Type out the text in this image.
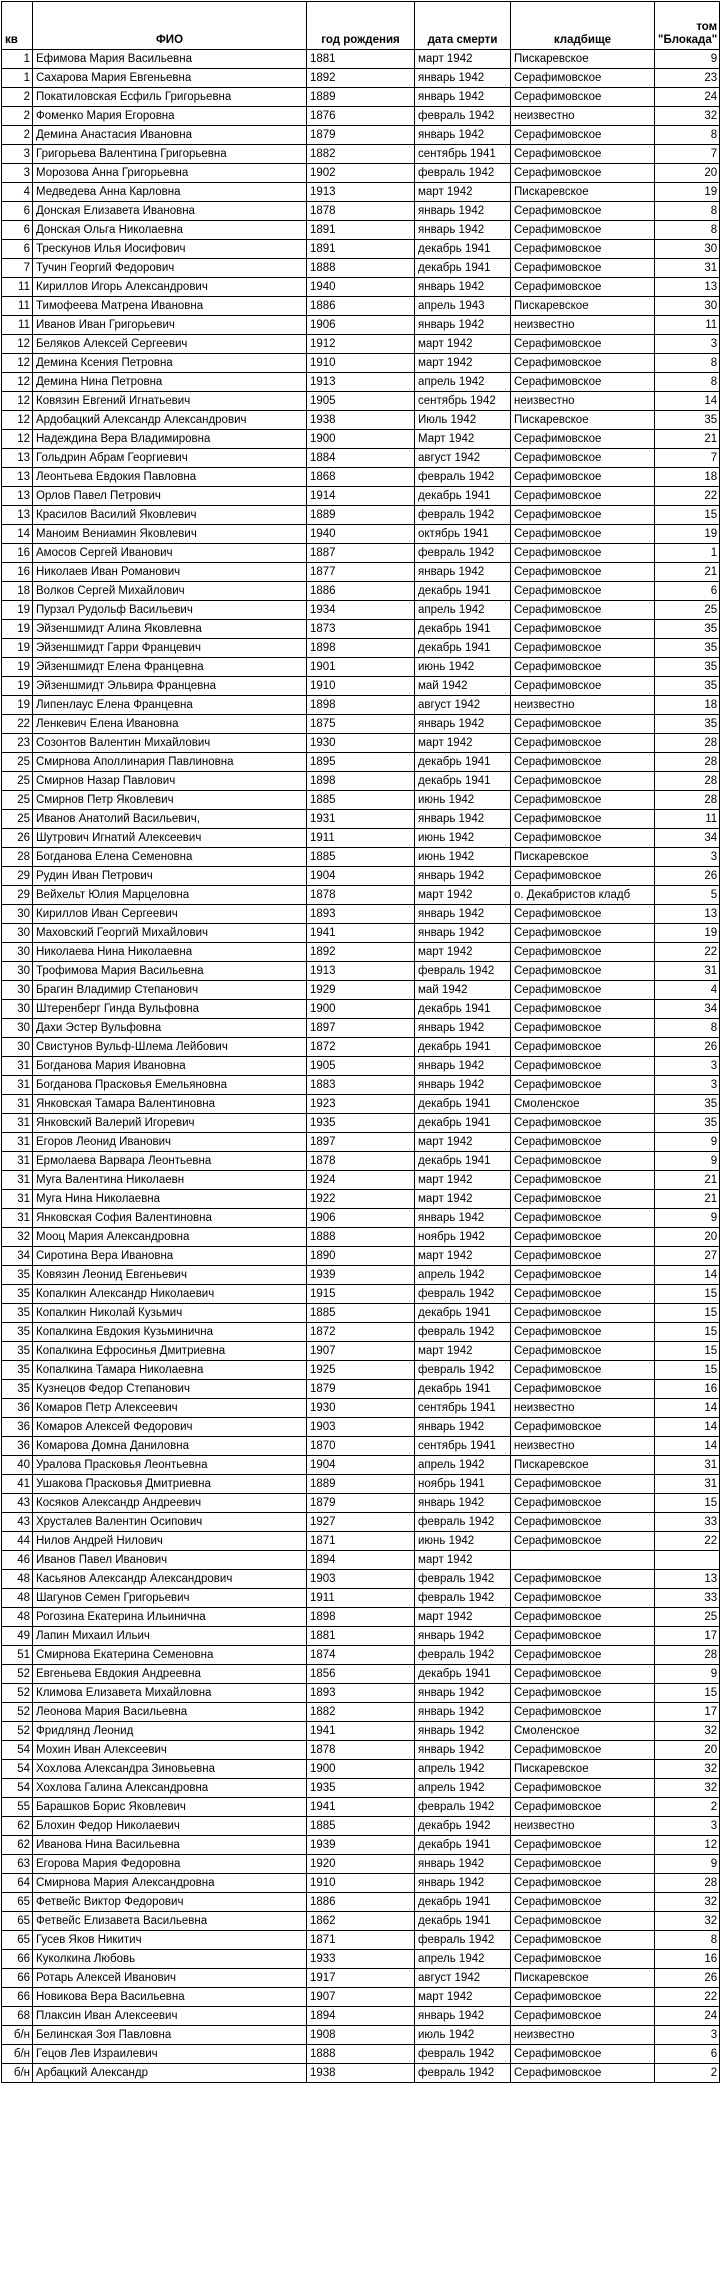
кв	ФИО	год рождения	дата смерти	кладбище	том "Блокада"
1	Ефимова Мария Васильевна	1881	март 1942	Пискаревское	9
1	Сахарова Мария Евгеньевна	1892	январь 1942	Серафимовское	23
2	Покатиловская Есфиль Григорьевна	1889	январь 1942	Серафимовское	24
2	Фоменко Мария Егоровна	1876	февраль 1942	неизвестно	32
2	Демина Анастасия Ивановна	1879	январь 1942	Серафимовское	8
3	Григорьева Валентина Григорьевна	1882	сентябрь 1941	Серафимовское	7
3	Морозова Анна Григорьевна	1902	февраль 1942	Серафимовское	20
4	Медведева Анна Карловна	1913	март 1942	Пискаревское	19
6	Донская Елизавета Ивановна	1878	январь 1942	Серафимовское	8
6	Донская Ольга Николаевна	1891	январь 1942	Серафимовское	8
6	Трескунов Илья Иосифович	1891	декабрь 1941	Серафимовское	30
7	Тучин Георгий Федорович	1888	декабрь 1941	Серафимовское	31
11	Кириллов Игорь Александрович	1940	январь 1942	Серафимовское	13
11	Тимофеева Матрена Ивановна	1886	апрель 1943	Пискаревское	30
11	Иванов Иван Григорьевич	1906	январь 1942	неизвестно	11
12	Беляков Алексей Сергеевич	1912	март 1942	Серафимовское	3
12	Демина Ксения Петровна	1910	март 1942	Серафимовское	8
12	Демина Нина Петровна	1913	апрель 1942	Серафимовское	8
12	Ковязин Евгений Игнатьевич	1905	сентябрь 1942	неизвестно	14
12	Ардобацкий Александр Александрович	1938	Июль 1942	Пискаревское	35
12	Надеждина Вера Владимировна	1900	Март 1942	Серафимовское	21
13	Гольдрин Абрам Георгиевич	1884	август 1942	Серафимовское	7
13	Леонтьева Евдокия Павловна	1868	февраль 1942	Серафимовское	18
13	Орлов Павел Петрович	1914	декабрь 1941	Серафимовское	22
13	Красилов Василий Яковлевич	1889	февраль 1942	Серафимовское	15
14	Маноим Вениамин Яковлевич	1940	октябрь 1941	Серафимовское	19
16	Амосов Сергей Иванович	1887	февраль 1942	Серафимовское	1
16	Николаев Иван Романович	1877	январь 1942	Серафимовское	21
18	Волков Сергей Михайлович	1886	декабрь 1941	Серафимовское	6
19	Пурзал Рудольф Васильевич	1934	апрель 1942	Серафимовское	25
19	Эйзеншмидт Алина Яковлевна	1873	декабрь 1941	Серафимовское	35
19	Эйзеншмидт Гарри Францевич	1898	декабрь 1941	Серафимовское	35
19	Эйзеншмидт Елена Францевна	1901	июнь 1942	Серафимовское	35
19	Эйзеншмидт Эльвира Францевна	1910	май 1942	Серафимовское	35
19	Липенлаус Елена Францевна	1898	август 1942	неизвестно	18
22	Ленкевич Елена Ивановна	1875	январь 1942	Серафимовское	35
23	Созонтов Валентин Михайлович	1930	март 1942	Серафимовское	28
25	Смирнова Аполлинария Павлиновна	1895	декабрь 1941	Серафимовское	28
25	Смирнов Назар Павлович	1898	декабрь 1941	Серафимовское	28
25	Смирнов Петр Яковлевич	1885	июнь 1942	Серафимовское	28
25	Иванов Анатолий Васильевич,	1931	январь 1942	Серафимовское	11
26	Шутрович Игнатий Алексеевич	1911	июнь 1942	Серафимовское	34
28	Богданова Елена Семеновна	1885	июнь 1942	Пискаревское	3
29	Рудин Иван Петрович	1904	январь 1942	Серафимовское	26
29	Вейхельт Юлия Марцеловна	1878	март 1942	о. Декабристов кладб	5
30	Кириллов Иван Сергеевич	1893	январь 1942	Серафимовское	13
30	Маховский Георгий Михайлович	1941	январь 1942	Серафимовское	19
30	Николаева Нина Николаевна	1892	март 1942	Серафимовское	22
30	Трофимова Мария Васильевна	1913	февраль 1942	Серафимовское	31
30	Брагин Владимир Степанович	1929	май 1942	Серафимовское	4
30	Штеренберг Гинда Вульфовна	1900	декабрь 1941	Серафимовское	34
30	Дахи Эстер Вульфовна	1897	январь 1942	Серафимовское	8
30	Свистунов Вульф-Шлема Лейбович	1872	декабрь 1941	Серафимовское	26
31	Богданова Мария Ивановна	1905	январь 1942	Серафимовское	3
31	Богданова Прасковья Емельяновна	1883	январь 1942	Серафимовское	3
31	Янковская Тамара Валентиновна	1923	декабрь 1941	Смоленское	35
31	Янковский Валерий Игоревич	1935	декабрь 1941	Серафимовское	35
31	Егоров Леонид Иванович	1897	март 1942	Серафимовское	9
31	Ермолаева Варвара Леонтьевна	1878	декабрь 1941	Серафимовское	9
31	Муга Валентина Николаевн	1924	март 1942	Серафимовское	21
31	Муга Нина Николаевна	1922	март 1942	Серафимовское	21
31	Янковская София Валентиновна	1906	январь 1942	Серафимовское	9
32	Мооц Мария Александровна	1888	ноябрь 1942	Серафимовское	20
34	Сиротина Вера Ивановна	1890	март 1942	Серафимовское	27
35	Ковязин Леонид Евгеньевич	1939	апрель 1942	Серафимовское	14
35	Копалкин Александр Николаевич	1915	февраль 1942	Серафимовское	15
35	Копалкин Николай Кузьмич	1885	декабрь 1941	Серафимовское	15
35	Копалкина Евдокия Кузьминична	1872	февраль 1942	Серафимовское	15
35	Копалкина Ефросинья Дмитриевна	1907	март 1942	Серафимовское	15
35	Копалкина Тамара Николаевна	1925	февраль 1942	Серафимовское	15
35	Кузнецов Федор Степанович	1879	декабрь 1941	Серафимовское	16
36	Комаров Петр Алексеевич	1930	сентябрь 1941	неизвестно	14
36	Комаров Алексей Федорович	1903	январь 1942	Серафимовское	14
36	Комарова Домна Даниловна	1870	сентябрь 1941	неизвестно	14
40	Уралова Прасковья Леонтьевна	1904	апрель 1942	Пискаревское	31
41	Ушакова Прасковья Дмитриевна	1889	ноябрь 1941	Серафимовское	31
43	Косяков Александр Андреевич	1879	январь 1942	Серафимовское	15
43	Хрусталев Валентин Осипович	1927	февраль 1942	Серафимовское	33
44	Нилов Андрей Нилович	1871	июнь 1942	Серафимовское	22
46	Иванов Павел Иванович	1894	март 1942		
48	Касьянов Александр Александрович	1903	февраль 1942	Серафимовское	13
48	Шагунов Семен Григорьевич	1911	февраль 1942	Серафимовское	33
48	Рогозина Екатерина Ильинична	1898	март 1942	Серафимовское	25
49	Лапин Михаил Ильич	1881	январь 1942	Серафимовское	17
51	Смирнова Екатерина Семеновна	1874	февраль 1942	Серафимовское	28
52	Евгеньева Евдокия Андреевна	1856	декабрь 1941	Серафимовское	9
52	Климова Елизавета Михайловна	1893	январь 1942	Серафимовское	15
52	Леонова Мария Васильевна	1882	январь 1942	Серафимовское	17
52	Фридлянд Леонид	1941	январь 1942	Смоленское	32
54	Мохин Иван Алексеевич	1878	январь 1942	Серафимовское	20
54	Хохлова Александра Зиновьевна	1900	апрель 1942	Пискаревское	32
54	Хохлова Галина Александровна	1935	апрель 1942	Серафимовское	32
55	Барашков Борис Яковлевич	1941	февраль 1942	Серафимовское	2
62	Блохин Федор Николаевич	1885	декабрь 1942	неизвестно	3
62	Иванова Нина Васильевна	1939	декабрь 1941	Серафимовское	12
63	Егорова Мария Федоровна	1920	январь 1942	Серафимовское	9
64	Смирнова Мария Александровна	1910	январь 1942	Серафимовское	28
65	Фетвейс Виктор Федорович	1886	декабрь 1941	Серафимовское	32
65	Фетвейс Елизавета Васильевна	1862	декабрь 1941	Серафимовское	32
65	Гусев Яков Никитич	1871	февраль 1942	Серафимовское	8
66	Куколкина Любовь	1933	апрель 1942	Серафимовское	16
66	Ротарь Алексей Иванович	1917	август 1942	Пискаревское	26
66	Новикова Вера Васильевна	1907	март 1942	Серафимовское	22
68	Плаксин Иван Алексеевич	1894	январь 1942	Серафимовское	24
б/н	Белинская Зоя Павловна	1908	июль 1942	неизвестно	3
б/н	Гецов Лев Израилевич	1888	февраль 1942	Серафимовское	6
б/н	Арбацкий Александр	1938	февраль 1942	Серафимовское	2
